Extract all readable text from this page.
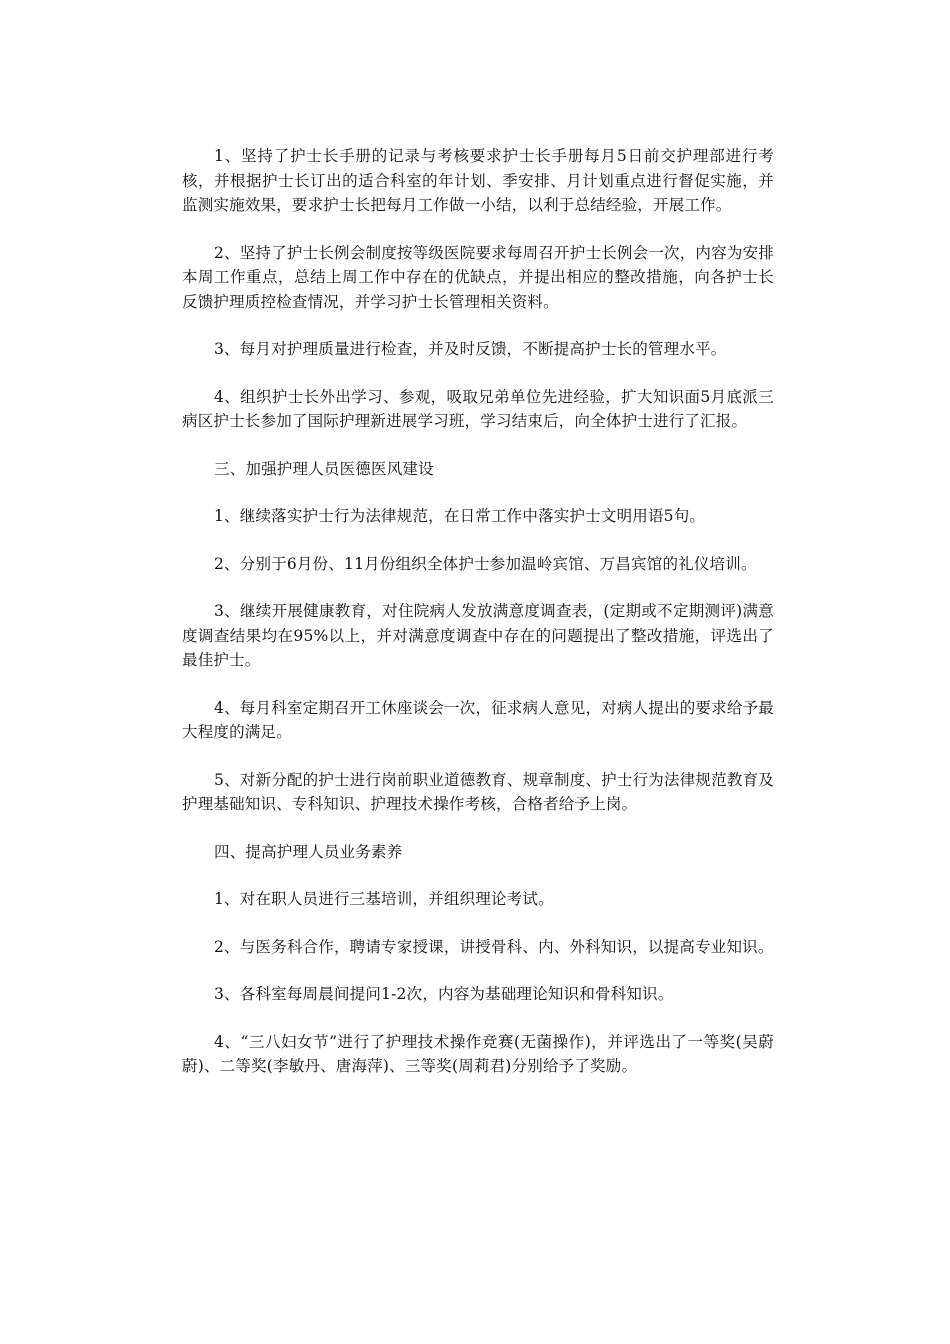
1、坚持了护士长手册的记录与考核要求护士长手册每月5日前交护理部进行考核，并根据护士长订出的适合科室的年计划、季安排、月计划重点进行督促实施，并监测实施效果，要求护士长把每月工作做一小结，以利于总结经验，开展工作。

2、坚持了护士长例会制度按等级医院要求每周召开护士长例会一次，内容为安排本周工作重点，总结上周工作中存在的优缺点，并提出相应的整改措施，向各护士长反馈护理质控检查情况，并学习护士长管理相关资料。

3、每月对护理质量进行检查，并及时反馈，不断提高护士长的管理水平。

4、组织护士长外出学习、参观，吸取兄弟单位先进经验，扩大知识面5月底派三病区护士长参加了国际护理新进展学习班，学习结束后，向全体护士进行了汇报。

三、加强护理人员医德医风建设

1、继续落实护士行为法律规范，在日常工作中落实护士文明用语5句。

2、分别于6月份、11月份组织全体护士参加温岭宾馆、万昌宾馆的礼仪培训。

3、继续开展健康教育，对住院病人发放满意度调查表，(定期或不定期测评)满意度调查结果均在95%以上，并对满意度调查中存在的问题提出了整改措施，评选出了最佳护士。

4、每月科室定期召开工休座谈会一次，征求病人意见，对病人提出的要求给予最大程度的满足。

5、对新分配的护士进行岗前职业道德教育、规章制度、护士行为法律规范教育及护理基础知识、专科知识、护理技术操作考核，合格者给予上岗。

四、提高护理人员业务素养

1、对在职人员进行三基培训，并组织理论考试。

2、与医务科合作，聘请专家授课，讲授骨科、内、外科知识，以提高专业知识。

3、各科室每周晨间提问1-2次，内容为基础理论知识和骨科知识。

4、“三八妇女节”进行了护理技术操作竞赛(无菌操作)，并评选出了一等奖(吴蔚蔚)、二等奖(李敏丹、唐海萍)、三等奖(周莉君)分别给予了奖励。
